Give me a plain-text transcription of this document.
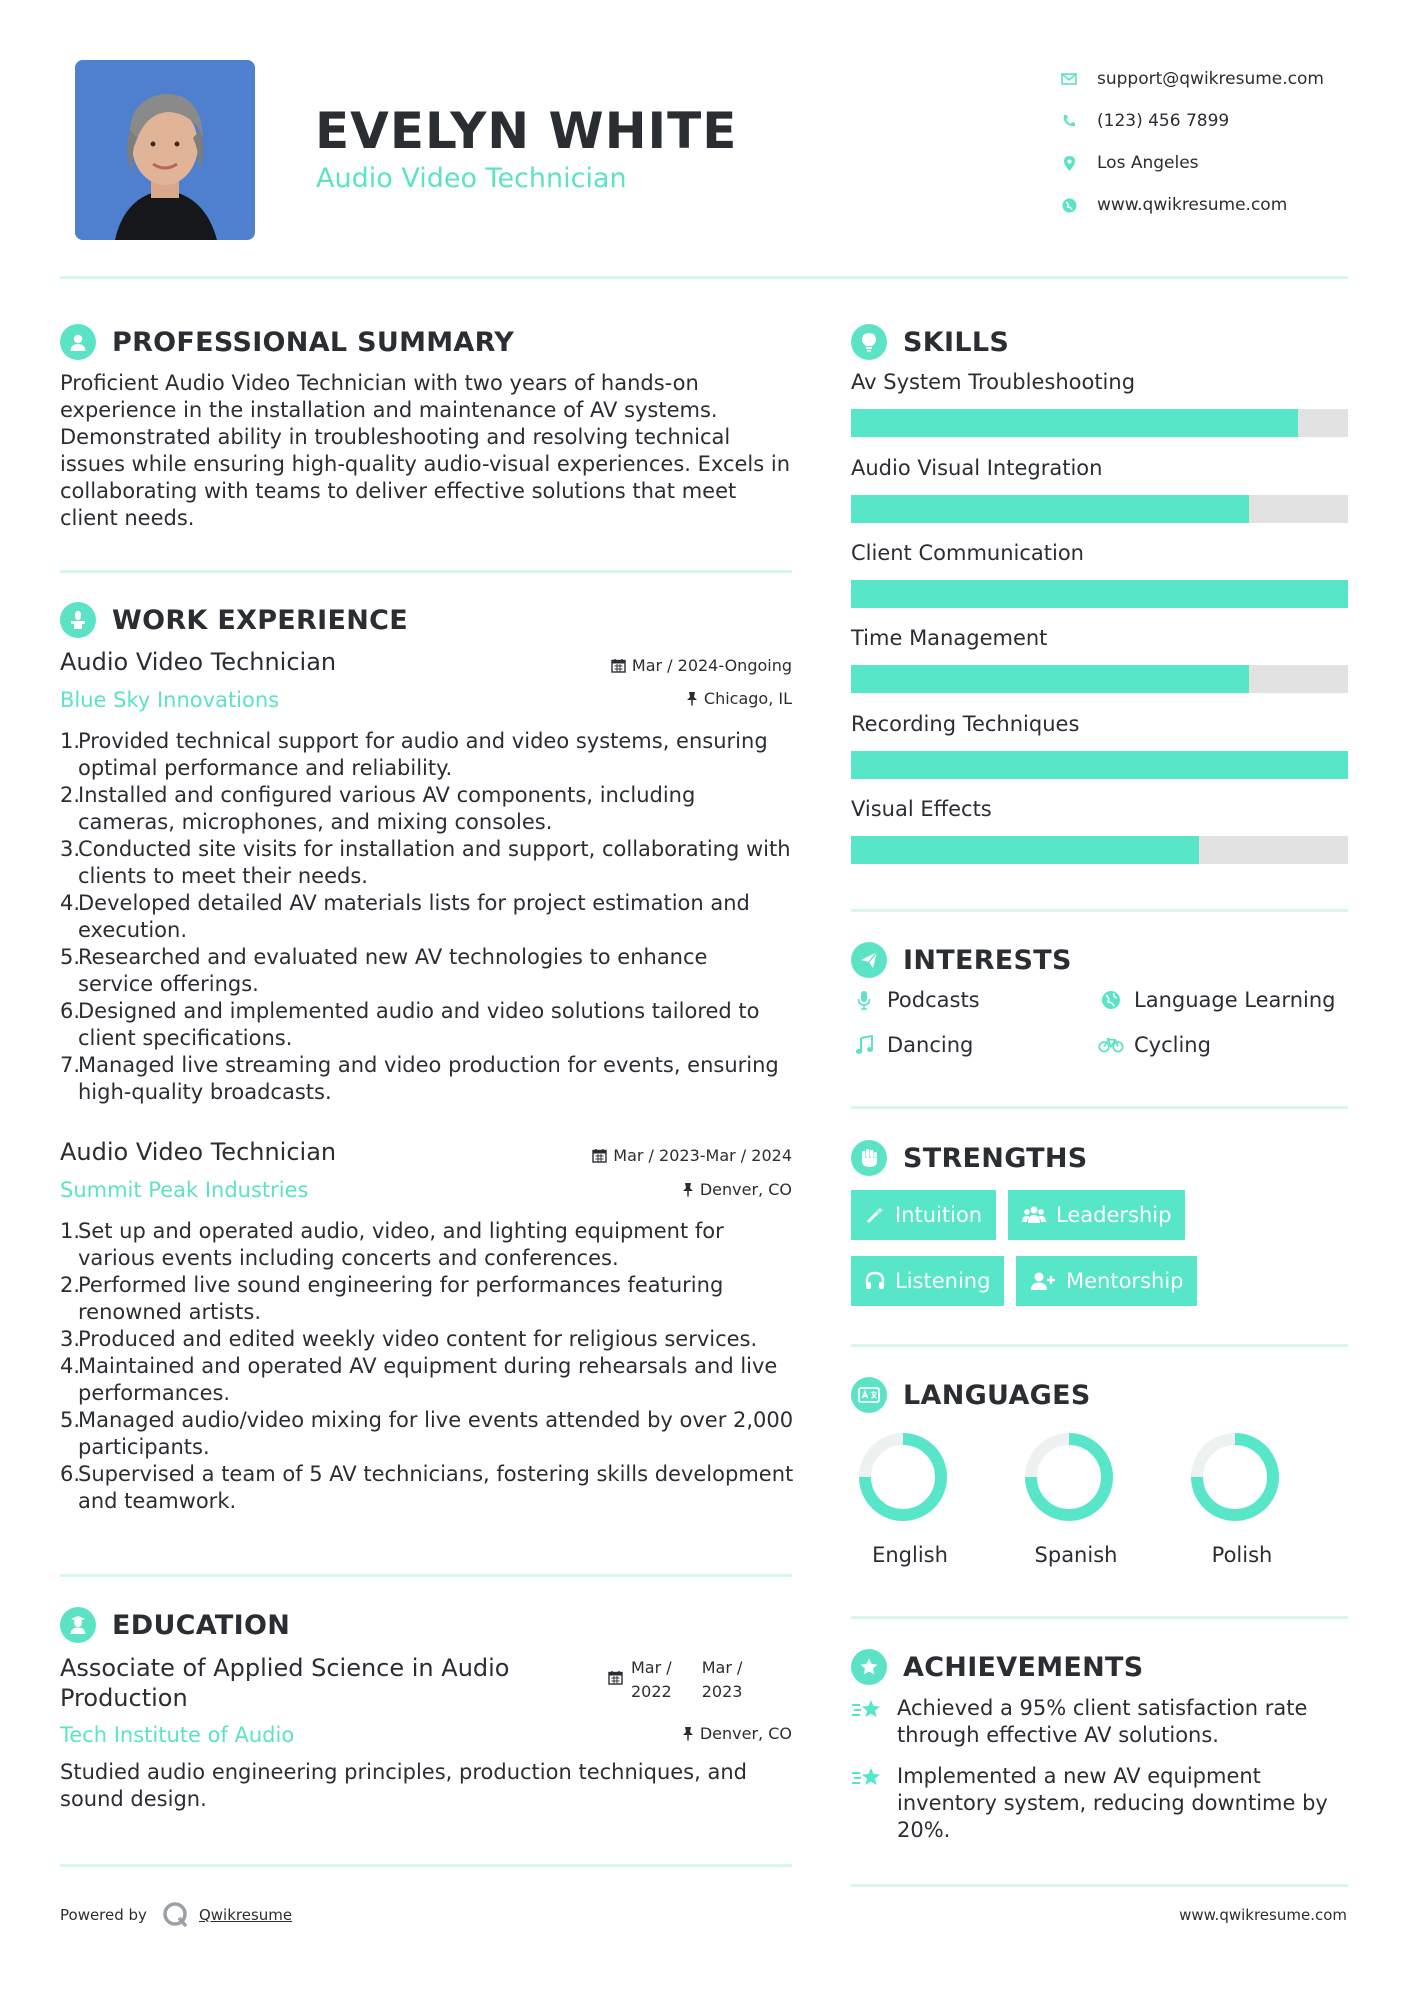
EVELYN WHITE
Audio Video Technician
support@qwikresume.com
(123) 456 7899
Los Angeles
www.qwikresume.com
PROFESSIONAL SUMMARY
Proficient Audio Video Technician with two years of hands-on
experience in the installation and maintenance of AV systems.
Demonstrated ability in troubleshooting and resolving technical
issues while ensuring high-quality audio-visual experiences. Excels in
collaborating with teams to deliver effective solutions that meet
client needs.
WORK EXPERIENCE
Audio Video Technician
Blue Sky Innovations
Mar / 2024-Ongoing
Chicago, IL
1.
Provided technical support for audio and video systems, ensuring
optimal performance and reliability.
2.
Installed and configured various AV components, including
cameras, microphones, and mixing consoles.
3.
Conducted site visits for installation and support, collaborating with
clients to meet their needs.
4.
Developed detailed AV materials lists for project estimation and
execution.
5.
Researched and evaluated new AV technologies to enhance
service offerings.
6.
Designed and implemented audio and video solutions tailored to
client specifications.
7.
Managed live streaming and video production for events, ensuring
high-quality broadcasts.
Audio Video Technician
Summit Peak Industries
Mar / 2023-Mar / 2024
Denver, CO
1.
Set up and operated audio, video, and lighting equipment for
various events including concerts and conferences.
2.
Performed live sound engineering for performances featuring
renowned artists.
3.
Produced and edited weekly video content for religious services.
4.
Maintained and operated AV equipment during rehearsals and live
performances.
5.
Managed audio/video mixing for live events attended by over 2,000
participants.
6.
Supervised a team of 5 AV technicians, fostering skills development
and teamwork.
EDUCATION
Associate of Applied Science in Audio
Production
Mar /
2022
Mar /
2023
Tech Institute of Audio	Denver, CO
Studied audio engineering principles, production techniques, and
sound design.
SKILLS
Av System Troubleshooting
Audio Visual Integration
Client Communication
Time Management
Recording Techniques
Visual Effects
INTERESTS
Podcasts	Language Learning
Dancing	Cycling
STRENGTHS
Intuition	Leadership
Listening	Mentorship
LANGUAGES
English	Spanish	Polish
ACHIEVEMENTS
Achieved a 95% client satisfaction rate
through effective AV solutions.
Implemented a new AV equipment
inventory system, reducing downtime by
20%.
Powered by	Qwikresume	www.qwikresume.com
